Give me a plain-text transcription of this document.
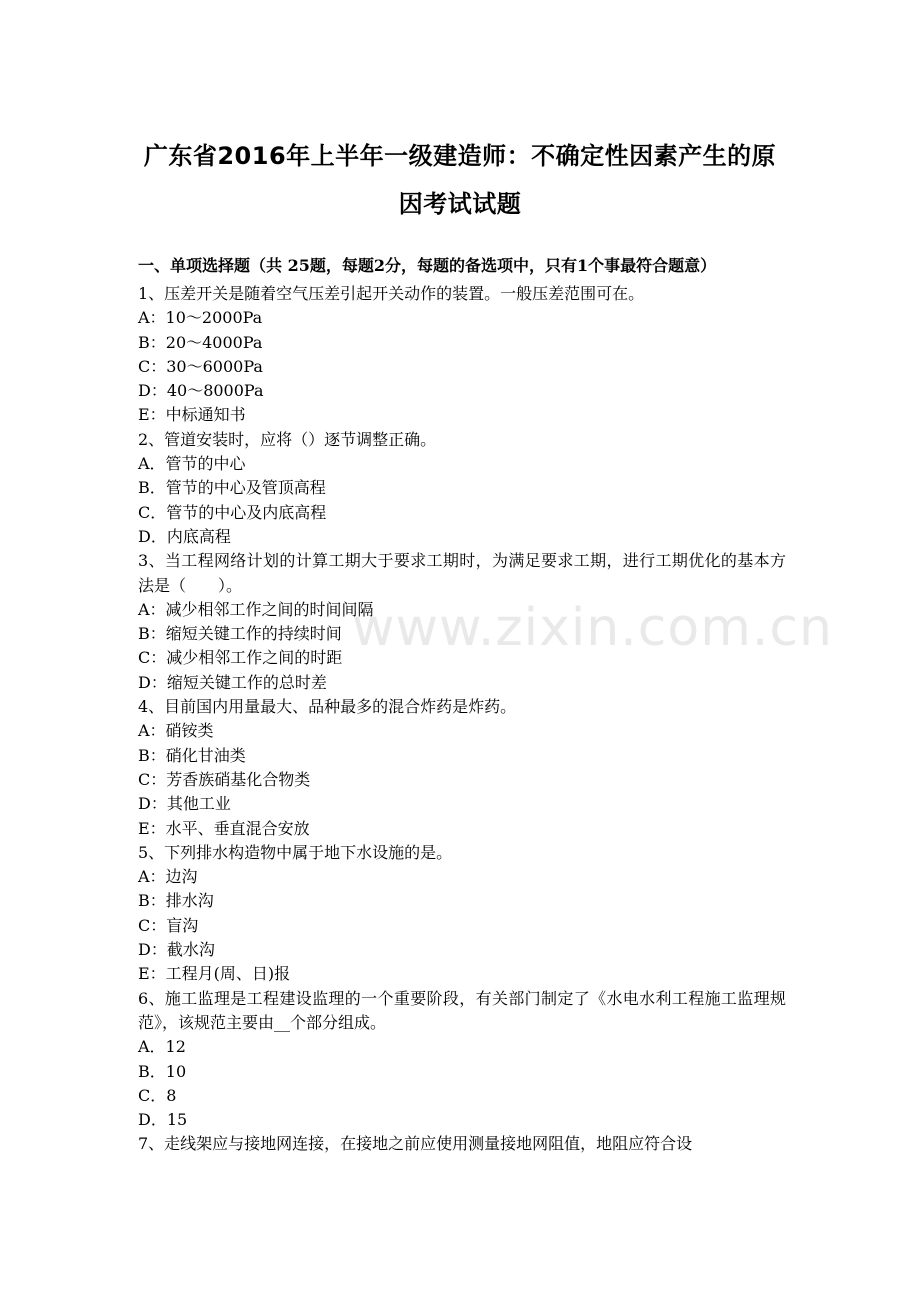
www.zixin.com.cn
广东省2016年上半年一级建造师：不确定性因素产生的原因考试试题
一、单项选择题（共 25题，每题2分，每题的备选项中，只有1个事最符合题意）
1、压差开关是随着空气压差引起开关动作的装置。一般压差范围可在。
A：10～2000Pa
B：20～4000Pa
C：30～6000Pa
D：40～8000Pa
E：中标通知书
2、管道安装时，应将（）逐节调整正确。
A．管节的中心
B．管节的中心及管顶高程
C．管节的中心及内底高程
D．内底高程
3、当工程网络计划的计算工期大于要求工期时，为满足要求工期，进行工期优化的基本方法是（　　）。
A：减少相邻工作之间的时间间隔
B：缩短关键工作的持续时间
C：减少相邻工作之间的时距
D：缩短关键工作的总时差
4、目前国内用量最大、品种最多的混合炸药是炸药。
A：硝铵类
B：硝化甘油类
C：芳香族硝基化合物类
D：其他工业
E：水平、垂直混合安放
5、下列排水构造物中属于地下水设施的是。
A：边沟
B：排水沟
C：盲沟
D：截水沟
E：工程月(周、日)报
6、施工监理是工程建设监理的一个重要阶段，有关部门制定了《水电水利工程施工监理规范》，该规范主要由__个部分组成。
A．12
B．10
C．8
D．15
7、走线架应与接地网连接，在接地之前应使用测量接地网阻值，地阻应符合设
